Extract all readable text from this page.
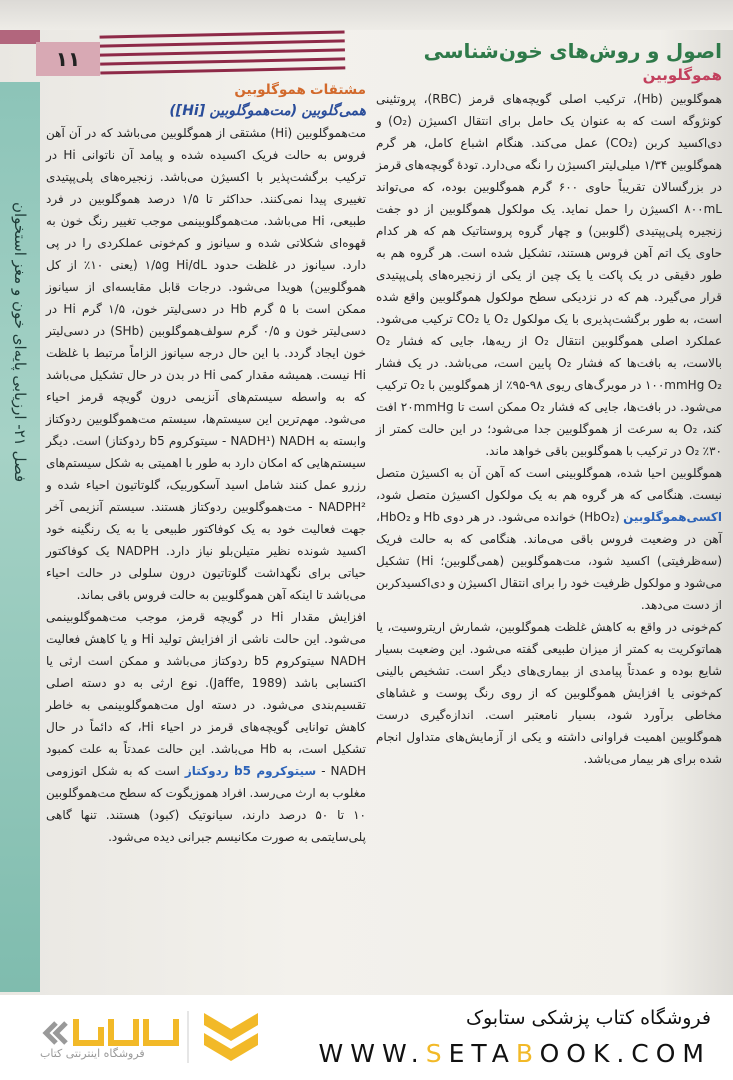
۱۱
فصل ۲۱- ارزیابی پایه‌ای خون و مغز استخوان
اصول و روش‌های خون‌شناسی
هموگلوبین

هموگلوبین (Hb)، ترکیب اصلی گویچه‌های قرمز (RBC)، پروتئینی کونژوگه است که به عنوان یک حامل برای انتقال اکسیژن (O₂) و دی‌اکسید کربن (CO₂) عمل می‌کند. هنگام اشباع کامل، هر گرم هموگلوبین ۱/۳۴ میلی‌لیتر اکسیژن را نگه می‌دارد. تودهٔ گویچه‌های قرمز در بزرگسالان تقریباً حاوی ۶۰۰ گرم هموگلوبین بوده، که می‌تواند ۸۰۰mL اکسیژن را حمل نماید. یک مولکول هموگلوبین از دو جفت زنجیره پلی‌پپتیدی (گلوبین) و چهار گروه پروستاتیک هم که هر کدام حاوی یک اتم آهن فروس هستند، تشکیل شده است. هر گروه هم به طور دقیقی در یک پاکت یا یک چین از یکی از زنجیره‌های پلی‌پپتیدی قرار می‌گیرد. هم که در نزدیکی سطح مولکول هموگلوبین واقع شده است، به طور برگشت‌پذیری با یک مولکول O₂ یا CO₂ ترکیب می‌شود. عملکرد اصلی هموگلوبین انتقال O₂ از ریه‌ها، جایی که فشار O₂ بالاست، به بافت‌ها که فشار O₂ پایین است، می‌باشد. در یک فشار ۱۰۰mmHg O₂ در مویرگ‌های ریوی ۹۸-۹۵٪ از هموگلوبین با O₂ ترکیب می‌شود. در بافت‌ها، جایی که فشار O₂ ممکن است تا ۲۰mmHg افت کند، O₂ به سرعت از هموگلوبین جدا می‌شود؛ در این حالت کمتر از ۳۰٪ O₂ در ترکیب با هموگلوبین باقی خواهد ماند.

هموگلوبین احیا شده، هموگلوبینی است که آهن آن به اکسیژن متصل نیست. هنگامی که هر گروه هم به یک مولکول اکسیژن متصل شود، اکسی‌هموگلوبین (HbO₂) خوانده می‌شود. در هر دوی Hb و HbO₂، آهن در وضعیت فروس باقی می‌ماند. هنگامی که به حالت فریک (سه‌ظرفیتی) اکسید شود، مت‌هموگلوبین (همی‌گلوبین؛ Hi) تشکیل می‌شود و مولکول ظرفیت خود را برای انتقال اکسیژن و دی‌اکسیدکربن از دست می‌دهد.

کم‌خونی در واقع به کاهش غلظت هموگلوبین، شمارش اریتروسیت، یا هماتوکریت به کمتر از میزان طبیعی گفته می‌شود. این وضعیت بسیار شایع بوده و عمدتاً پیامدی از بیماری‌های دیگر است. تشخیص بالینی کم‌خونی یا افزایش هموگلوبین که از روی رنگ پوست و غشاهای مخاطی برآورد شود، بسیار نامعتبر است. اندازه‌گیری درست هموگلوبین اهمیت فراوانی داشته و یکی از آزمایش‌های متداول انجام شده برای هر بیمار می‌باشد.

مشتقات هموگلوبین
همی‌گلوبین (مت‌هموگلوبین [Hi])

مت‌هموگلوبین (Hi) مشتقی از هموگلوبین می‌باشد که در آن آهن فروس به حالت فریک اکسیده شده و پیامد آن ناتوانی Hi در ترکیب برگشت‌پذیر با اکسیژن می‌باشد. زنجیره‌های پلی‌پپتیدی تغییری پیدا نمی‌کنند. حداکثر تا ۱/۵ درصد هموگلوبین در فرد طبیعی، Hi می‌باشد. مت‌هموگلوبینمی موجب تغییر رنگ خون به قهوه‌ای شکلاتی شده و سیانوز و کم‌خونی عملکردی را در پی دارد. سیانوز در غلظت حدود ۱/۵g Hi/dL (یعنی ۱۰٪ از کل هموگلوبین) هویدا می‌شود. درجات قابل مقایسه‌ای از سیانوز ممکن است با ۵ گرم Hb در دسی‌لیتر خون، ۱/۵ گرم Hi در دسی‌لیتر خون و ۰/۵ گرم سولف‌هموگلوبین (SHb) در دسی‌لیتر خون ایجاد گردد. با این حال درجه سیانوز الزاماً مرتبط با غلظت Hi نیست. همیشه مقدار کمی Hi در بدن در حال تشکیل می‌باشد که به واسطه سیستم‌های آنزیمی درون گویچه قرمز احیاء می‌شود. مهم‌ترین این سیستم‌ها، سیستم مت‌هموگلوبین ردوکتاز وابسته به NADH (NADH¹ - سیتوکروم b5 ردوکتاز) است. دیگر سیستم‌هایی که امکان دارد به طور با اهمیتی به شکل سیستم‌های رزرو عمل کنند شامل اسید آسکوربیک، گلوتاتیون احیاء شده و NADPH² - مت‌هموگلوبین ردوکتاز هستند. سیستم آنزیمی آخر جهت فعالیت خود به یک کوفاکتور طبیعی یا به یک رنگینه خود اکسید شونده نظیر متیلن‌بلو نیاز دارد. NADPH یک کوفاکتور حیاتی برای نگهداشت گلوتاتیون درون سلولی در حالت احیاء می‌باشد تا اینکه آهن هموگلوبین به حالت فروس باقی بماند.

افزایش مقدار Hi در گویچه قرمز، موجب مت‌هموگلوبینمی می‌شود. این حالت ناشی از افزایش تولید Hi و یا کاهش فعالیت NADH سیتوکروم b5 ردوکتاز می‌باشد و ممکن است ارثی یا اکتسابی باشد (Jaffe, 1989). نوع ارثی به دو دسته اصلی تقسیم‌بندی می‌شود. در دسته اول مت‌هموگلوبینمی به خاطر کاهش توانایی گویچه‌های قرمز در احیاء Hi، که دائماً در حال تشکیل است، به Hb می‌باشد. این حالت عمدتاً به علت کمبود NADH - سیتوکروم b5 ردوکتاز است که به شکل اتوزومی مغلوب به ارث می‌رسد. افراد هموزیگوت که سطح مت‌هموگلوبین ۱۰ تا ۵۰ درصد دارند، سیانوتیک (کبود) هستند. تنها گاهی پلی‌سایتمی به صورت مکانیسم جبرانی دیده می‌شود.

فروشگاه اینترنتی کتاب
فروشگاه کتاب پزشکی ستابوک
WWW.SETABOOK.COM
